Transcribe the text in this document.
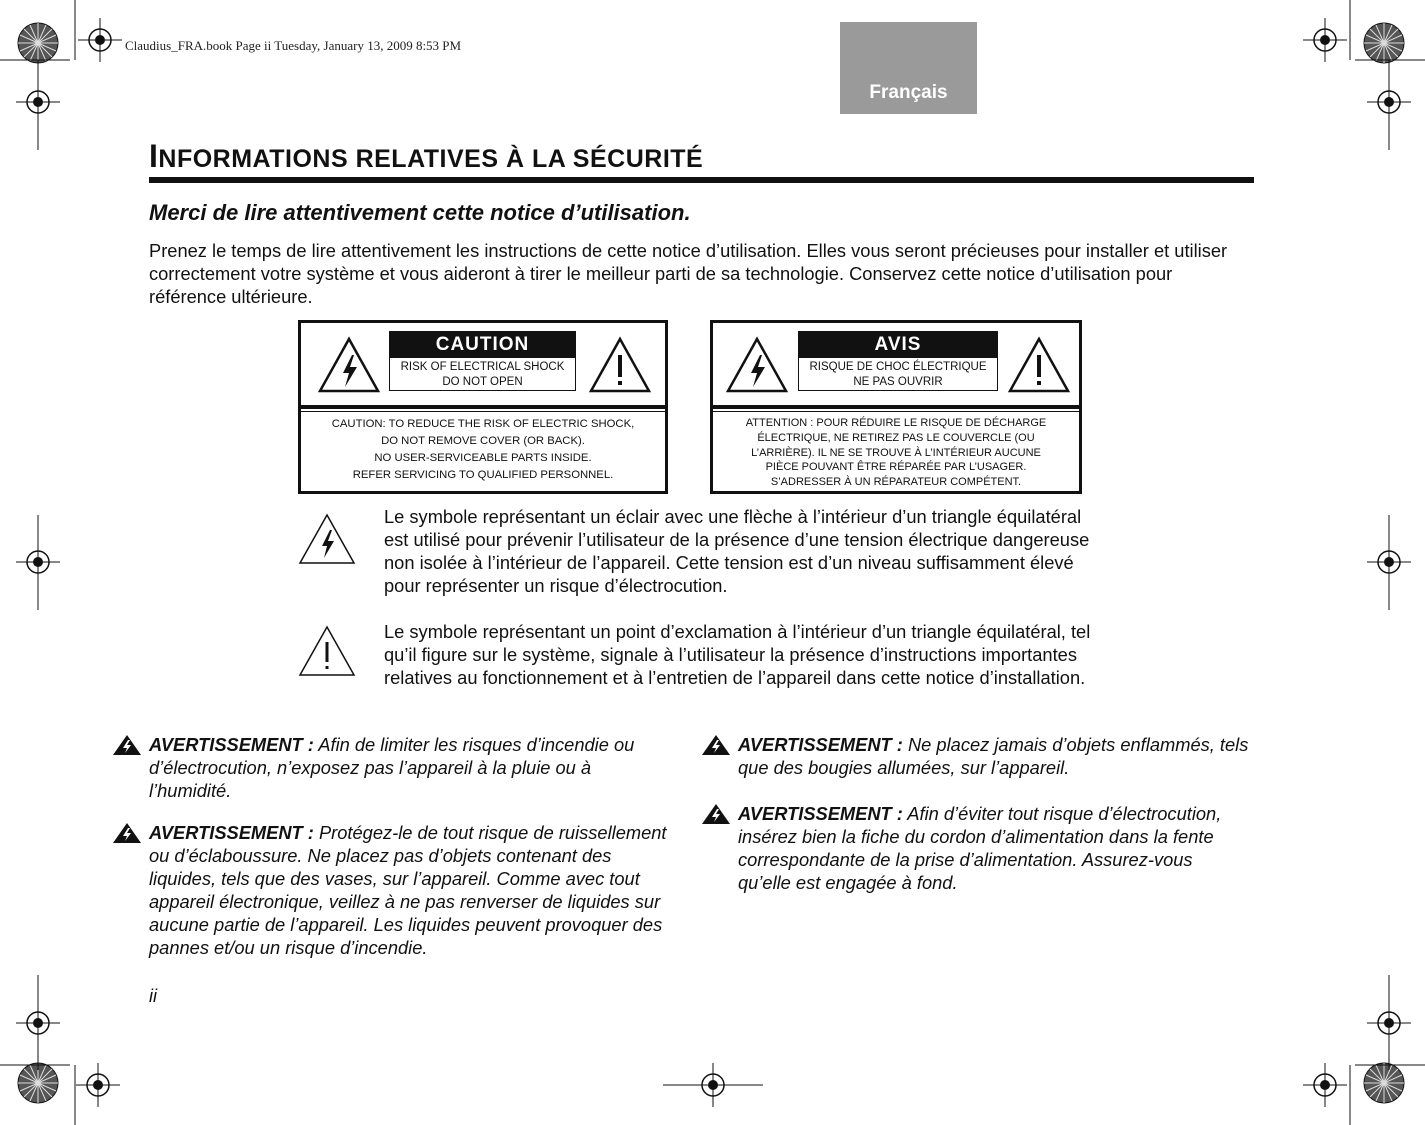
Claudius_FRA.book Page ii Tuesday, January 13, 2009 8:53 PM
Français
INFORMATIONS RELATIVES À LA SÉCURITÉ
Merci de lire attentivement cette notice d’utilisation.
Prenez le temps de lire attentivement les instructions de cette notice d’utilisation. Elles vous seront précieuses pour installer et utiliser correctement votre système et vous aideront à tirer le meilleur parti de sa technologie. Conservez cette notice d’utilisation pour référence ultérieure.
CAUTION
RISK OF ELECTRICAL SHOCK
DO NOT OPEN
CAUTION: TO REDUCE THE RISK OF ELECTRIC SHOCK,
DO NOT REMOVE COVER (OR BACK).
NO USER-SERVICEABLE PARTS INSIDE.
REFER SERVICING TO QUALIFIED PERSONNEL.
AVIS
RISQUE DE CHOC ÉLECTRIQUE
NE PAS OUVRIR
ATTENTION : POUR RÉDUIRE LE RISQUE DE DÉCHARGE
ÉLECTRIQUE, NE RETIREZ PAS LE COUVERCLE (OU
L’ARRIÈRE). IL NE SE TROUVE À L’INTÉRIEUR AUCUNE
PIÈCE POUVANT ÊTRE RÉPARÉE PAR L’USAGER.
S’ADRESSER À UN RÉPARATEUR COMPÉTENT.
Le symbole représentant un éclair avec une flèche à l’intérieur d’un triangle équilatéral est utilisé pour prévenir l’utilisateur de la présence d’une tension électrique dangereuse non isolée à l’intérieur de l’appareil. Cette tension est d’un niveau suffisamment élevé pour représenter un risque d’électrocution.
Le symbole représentant un point d’exclamation à l’intérieur d’un triangle équilatéral, tel qu’il figure sur le système, signale à l’utilisateur la présence d’instructions importantes relatives au fonctionnement et à l’entretien de l’appareil dans cette notice d’installation.
AVERTISSEMENT : Afin de limiter les risques d’incendie ou d’électrocution, n’exposez pas l’appareil à la pluie ou à l’humidité.
AVERTISSEMENT : Protégez-le de tout risque de ruissellement ou d’éclaboussure. Ne placez pas d’objets contenant des liquides, tels que des vases, sur l’appareil. Comme avec tout appareil électronique, veillez à ne pas renverser de liquides sur aucune partie de l’appareil. Les liquides peuvent provoquer des pannes et/ou un risque d’incendie.
AVERTISSEMENT : Ne placez jamais d’objets enflammés, tels que des bougies allumées, sur l’appareil.
AVERTISSEMENT : Afin d’éviter tout risque d’électrocution, insérez bien la fiche du cordon d’alimentation dans la fente correspondante de la prise d’alimentation. Assurez-vous qu’elle est engagée à fond.
ii
